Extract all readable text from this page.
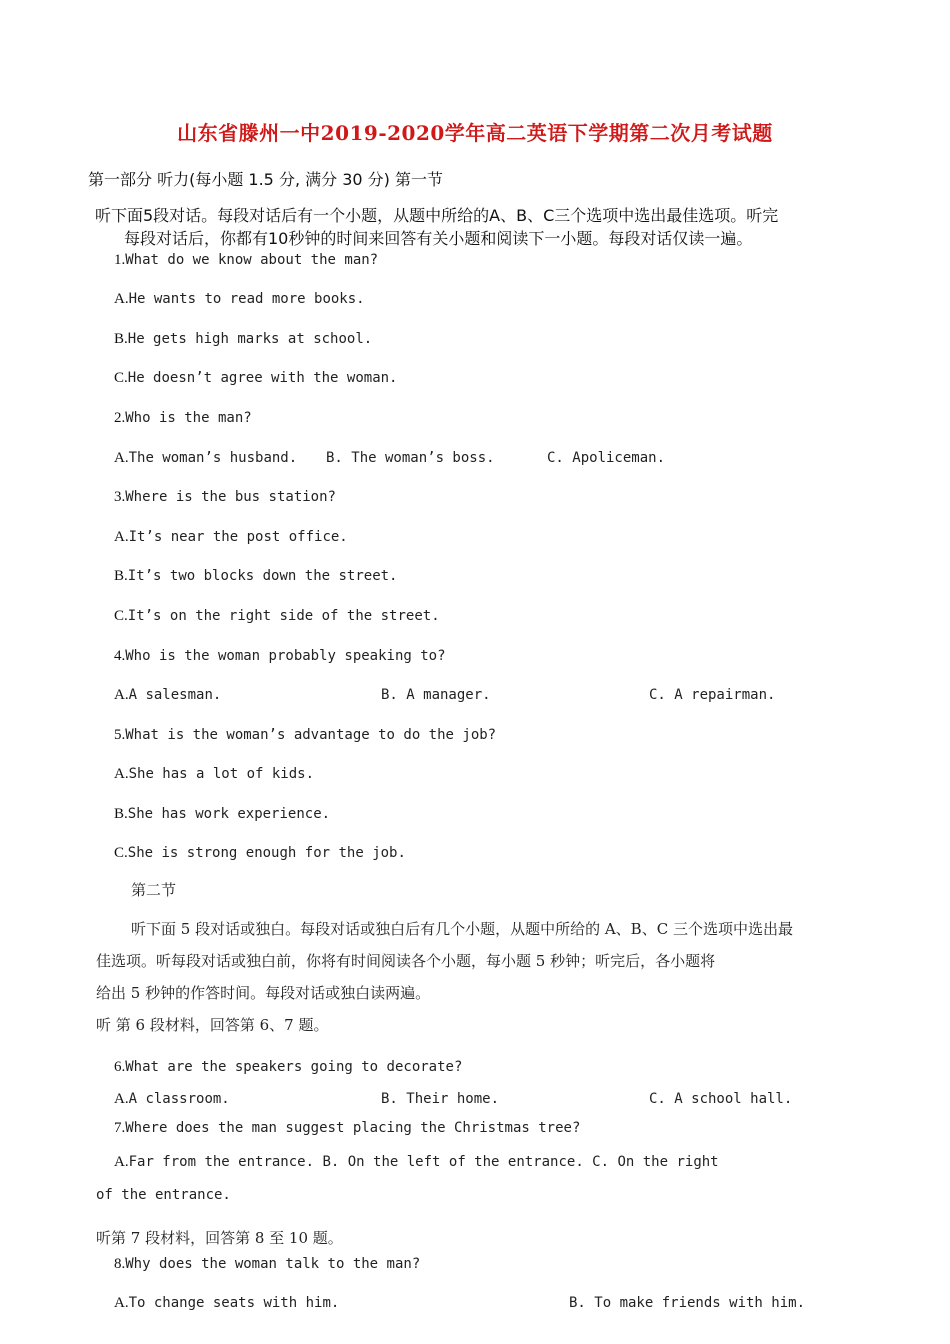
山东省滕州一中2019-2020学年高二英语下学期第二次月考试题
第一部分 听力(每小题 1.5 分, 满分 30 分) 第一节
听下面5段对话。每段对话后有一个小题，从题中所给的A、B、C三个选项中选出最佳选项。听完
每段对话后，你都有10秒钟的时间来回答有关小题和阅读下一小题。每段对话仅读一遍。
1.What do we know about the man?
A.He wants to read more books.
B.He gets high marks at school.
C.He doesn’t agree with the woman.
2.Who is the man?
A.The woman’s husband. B. The woman’s boss.	C. Apoliceman.
3.Where is the bus station?
A.It’s near the post office.
B.It’s two blocks down the street.
C.It’s on the right side of the street.
4.Who is the woman probably speaking to?
A.A salesman.	B. A manager.	C. A repairman.
5.What is the woman’s advantage to do the job?
A.She has a lot of kids.
B.She has work experience.
C.She is strong enough for the job.
第二节
听下面 5 段对话或独白。每段对话或独白后有几个小题，从题中所给的 A、B、C 三个选项中选出最
佳选项。听每段对话或独白前，你将有时间阅读各个小题，每小题 5 秒钟；听完后，各小题将
给出 5 秒钟的作答时间。每段对话或独白读两遍。
听 第 6 段材料，回答第 6、7 题。
6.What are the speakers going to decorate?
A.A classroom.	B. Their home.	C. A school hall.
7.Where does the man suggest placing the Christmas tree?
A.Far from the entrance. B. On the left of the entrance. C. On the right
of the entrance.
听第 7 段材料，回答第 8 至 10 题。
8.Why does the woman talk to the man?
A.To change seats with him.	B. To make friends with him.
